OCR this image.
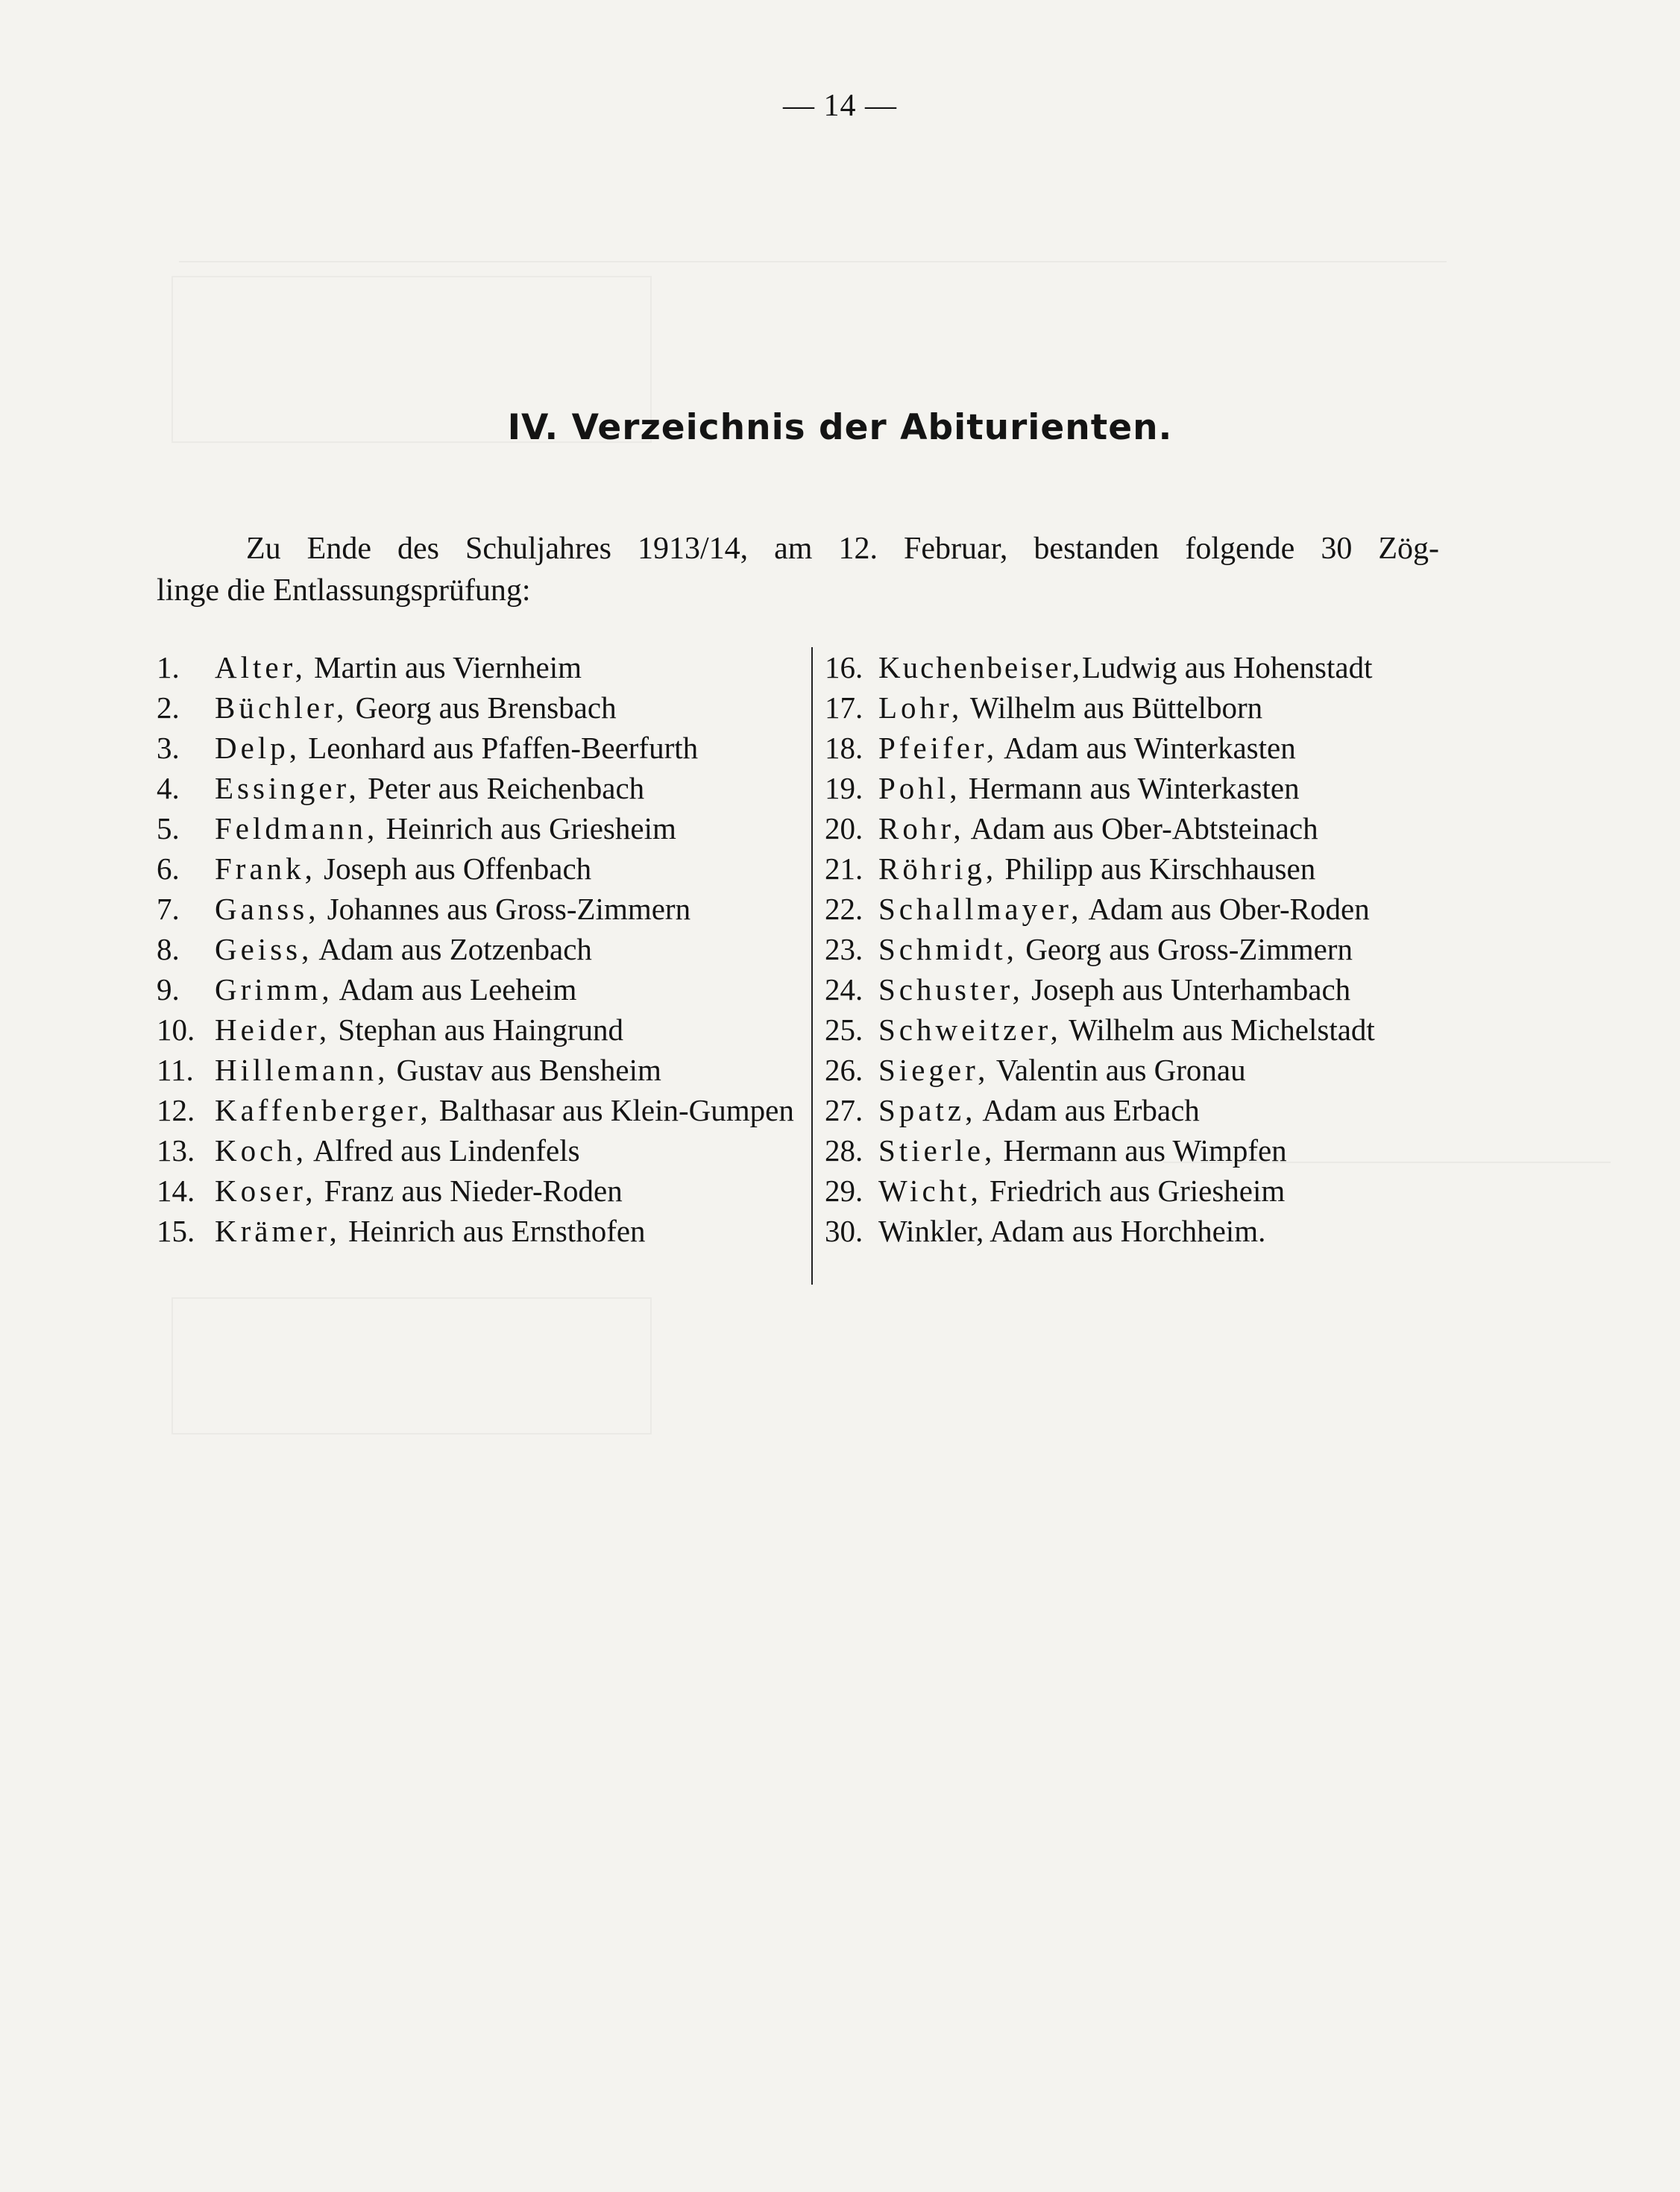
— 14 —
IV. Verzeichnis der Abiturienten.
Zu Ende des Schuljahres 1913/14, am 12. Februar, bestanden folgende 30 Zög-
linge die Entlassungsprüfung:
1.	Alter, Martin aus Viernheim
2.	Büchler, Georg aus Brensbach
3.	Delp, Leonhard aus Pfaffen-Beerfurth
4.	Essinger, Peter aus Reichenbach
5.	Feldmann, Heinrich aus Griesheim
6.	Frank, Joseph aus Offenbach
7.	Ganss, Johannes aus Gross-Zimmern
8.	Geiss, Adam aus Zotzenbach
9.	Grimm, Adam aus Leeheim
10. Heider, Stephan aus Haingrund
11. Hillemann, Gustav aus Bensheim
12. Kaffenberger, Balthasar aus Klein-Gumpen
13. Koch, Alfred aus Lindenfels
14. Koser, Franz aus Nieder-Roden
15. Krämer, Heinrich aus Ernsthofen
16. Kuchenbeiser, Ludwig aus Hohenstadt
17. Lohr, Wilhelm aus Büttelborn
18. Pfeifer, Adam aus Winterkasten
19. Pohl, Hermann aus Winterkasten
20. Rohr, Adam aus Ober-Abtsteinach
21. Röhrig, Philipp aus Kirschhausen
22. Schallmayer, Adam aus Ober-Roden
23. Schmidt, Georg aus Gross-Zimmern
24. Schuster, Joseph aus Unterhambach
25. Schweitzer, Wilhelm aus Michelstadt
26. Sieger, Valentin aus Gronau
27. Spatz, Adam aus Erbach
28. Stierle, Hermann aus Wimpfen
29. Wicht, Friedrich aus Griesheim
30. Winkler, Adam aus Horchheim.
